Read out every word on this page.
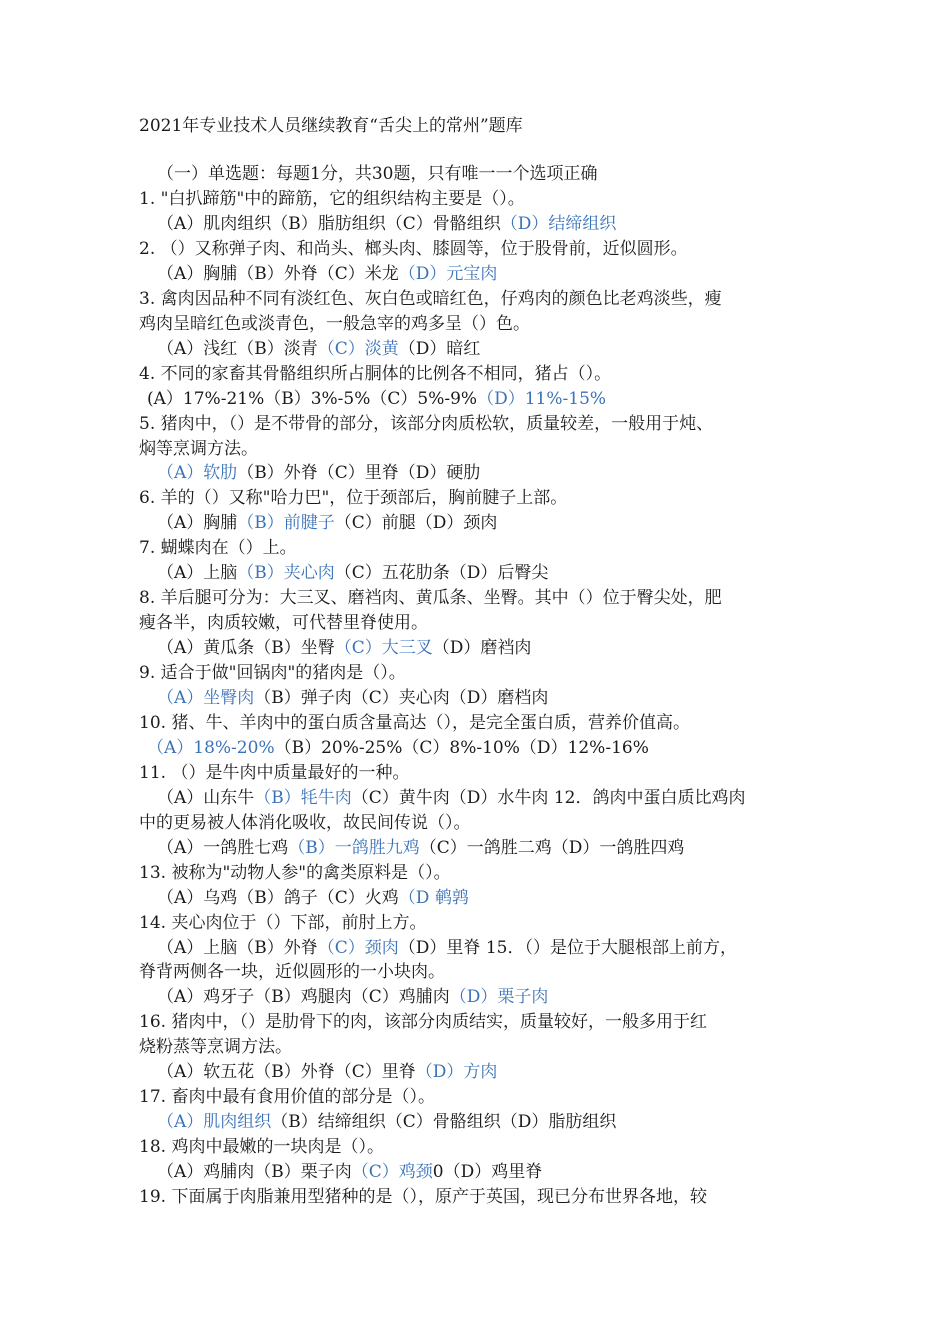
2021年专业技术人员继续教育“舌尖上的常州”题库
（一）单选题：每题1分，共30题，只有唯一一个选项正确
1. "白扒蹄筋"中的蹄筋，它的组织结构主要是（）。
（A）肌肉组织（B）脂肪组织（C）骨骼组织（D）结缔组织
2. （）又称弹子肉、和尚头、榔头肉、膝圆等，位于股骨前，近似圆形。
（A）胸脯（B）外脊（C）米龙（D）元宝肉
3. 禽肉因品种不同有淡红色、灰白色或暗红色，仔鸡肉的颜色比老鸡淡些，瘦
鸡肉呈暗红色或淡青色，一般急宰的鸡多呈（）色。
（A）浅红（B）淡青（C）淡黄（D）暗红
4. 不同的家畜其骨骼组织所占胴体的比例各不相同，猪占（）。
(A）17%-21%（B）3%-5%（C）5%-9%（D）11%-15%
5. 猪肉中，（）是不带骨的部分，该部分肉质松软，质量较差，一般用于炖、
焖等烹调方法。
（A）软肋（B）外脊（C）里脊（D）硬肋
6. 羊的（）又称"哈力巴"，位于颈部后，胸前腱子上部。
（A）胸脯（B）前腱子（C）前腿（D）颈肉
7. 蝴蝶肉在（）上。
（A）上脑（B）夹心肉（C）五花肋条（D）后臀尖
8. 羊后腿可分为：大三叉、磨裆肉、黄瓜条、坐臀。其中（）位于臀尖处，肥
瘦各半，肉质较嫩，可代替里脊使用。
（A）黄瓜条（B）坐臀（C）大三叉（D）磨裆肉
9. 适合于做"回锅肉"的猪肉是（）。
（A）坐臀肉（B）弹子肉（C）夹心肉（D）磨档肉
10. 猪、牛、羊肉中的蛋白质含量高达（），是完全蛋白质，营养价值高。
（A）18%-20%（B）20%-25%（C）8%-10%（D）12%-16%
11. （）是牛肉中质量最好的一种。
（A）山东牛（B）牦牛肉（C）黄牛肉（D）水牛肉 12．鸽肉中蛋白质比鸡肉
中的更易被人体消化吸收，故民间传说（）。
（A）一鸽胜七鸡（B）一鸽胜九鸡（C）一鸽胜二鸡（D）一鸽胜四鸡
13. 被称为"动物人参"的禽类原料是（）。
（A）乌鸡（B）鸽子（C）火鸡（D 鹌鹑
14. 夹心肉位于（）下部，前肘上方。
（A）上脑（B）外脊（C）颈肉（D）里脊 15．（）是位于大腿根部上前方，
脊背两侧各一块，近似圆形的一小块肉。
（A）鸡牙子（B）鸡腿肉（C）鸡脯肉（D）栗子肉
16. 猪肉中，（）是肋骨下的肉，该部分肉质结实，质量较好，一般多用于红
烧粉蒸等烹调方法。
（A）软五花（B）外脊（C）里脊（D）方肉
17. 畜肉中最有食用价值的部分是（）。
（A）肌肉组织（B）结缔组织（C）骨骼组织（D）脂肪组织
18. 鸡肉中最嫩的一块肉是（）。
（A）鸡脯肉（B）栗子肉（C）鸡颈0（D）鸡里脊
19. 下面属于肉脂兼用型猪种的是（），原产于英国，现已分布世界各地，较
